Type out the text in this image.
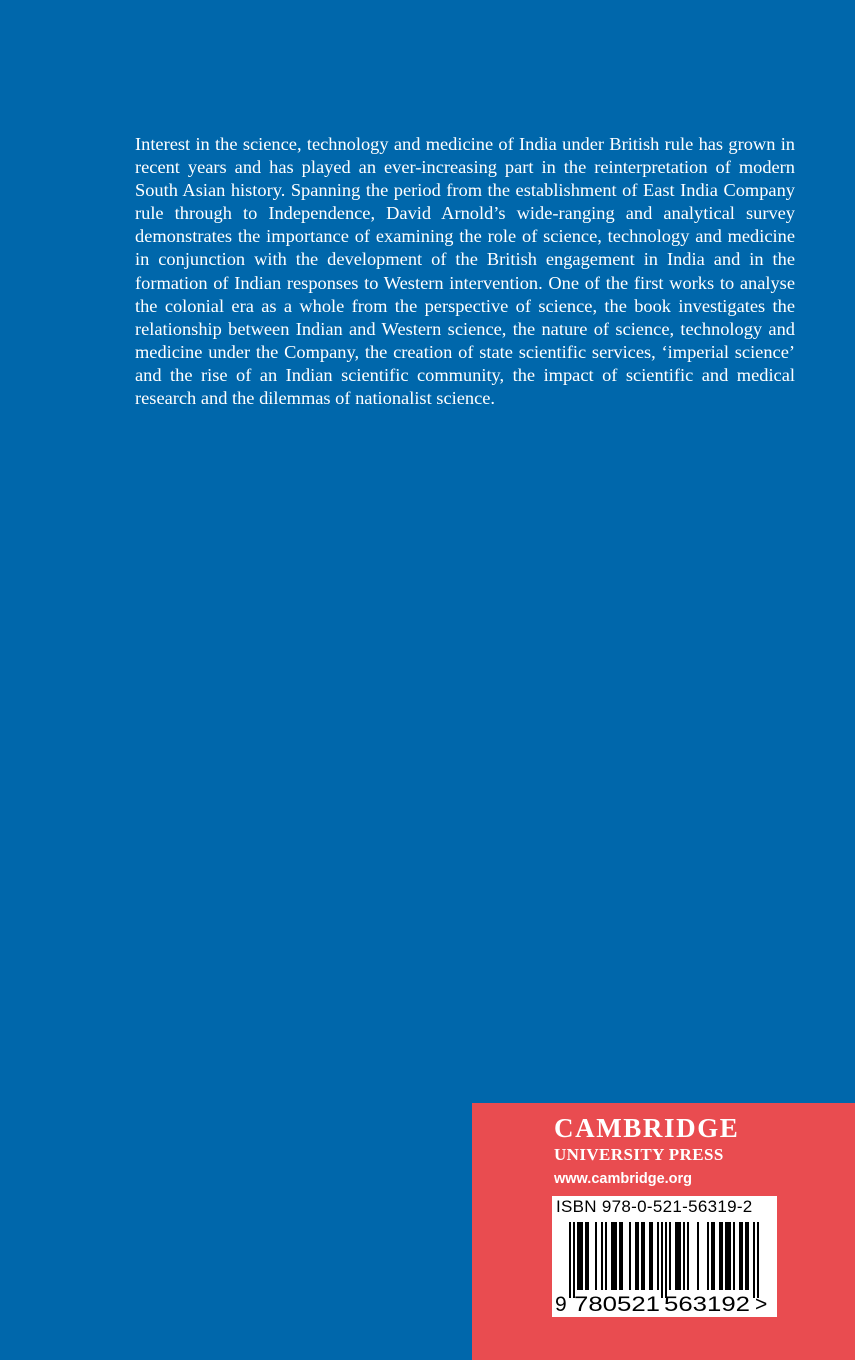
Interest in the science, technology and medicine of India under British rule has grown in recent years and has played an ever-increasing part in the reinterpretation of modern South Asian history. Spanning the period from the establishment of East India Company rule through to Independence, David Arnold’s wide-ranging and analytical survey demonstrates the importance of examining the role of science, technology and medicine in conjunction with the development of the British engagement in India and in the formation of Indian responses to Western intervention. One of the first works to analyse the colonial era as a whole from the perspective of science, the book investigates the relationship between Indian and Western science, the nature of science, technology and medicine under the Company, the creation of state scientific services, ‘imperial science’ and the rise of an Indian scientific community, the impact of scientific and medical research and the dilemmas of nationalist science.

CAMBRIDGE
UNIVERSITY PRESS
www.cambridge.org
ISBN 978-0-521-56319-2
9 780521 563192 >
